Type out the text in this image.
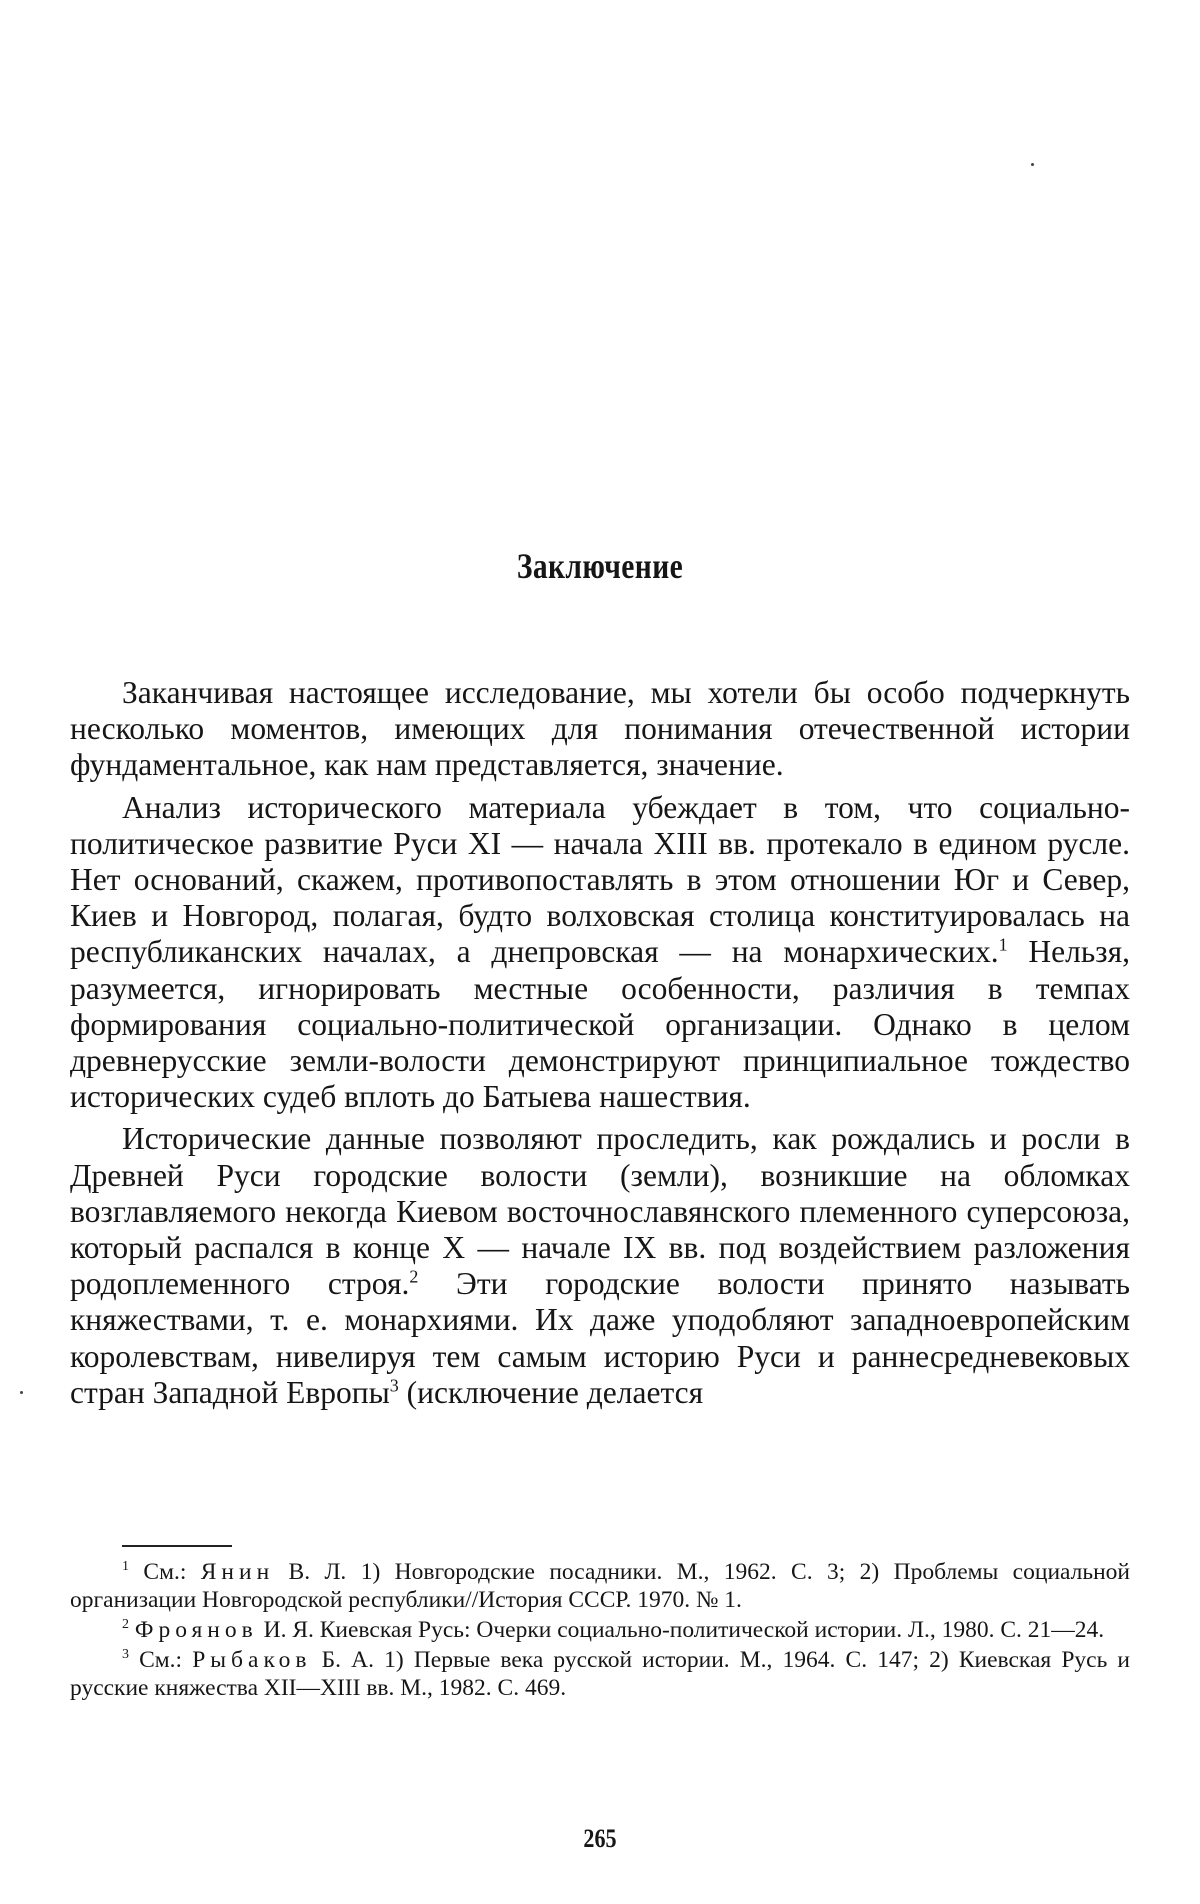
Заключение

Заканчивая настоящее исследование, мы хотели бы особо подчеркнуть несколько моментов, имеющих для понимания отечественной истории фундаментальное, как нам представляется, значение.

Анализ исторического материала убеждает в том, что социально-политическое развитие Руси XI — начала XIII вв. протекало в едином русле. Нет оснований, скажем, противопоставлять в этом отношении Юг и Север, Киев и Новгород, полагая, будто волховская столица конституировалась на республиканских началах, а днепровская — на монархических.$^1$ Нельзя, разумеется, игнорировать местные особенности, различия в темпах формирования социально-политической организации. Однако в целом древнерусские земли-волости демонстрируют принципиальное тождество исторических судеб вплоть до Батыева нашествия.

Исторические данные позволяют проследить, как рождались и росли в Древней Руси городские волости (земли), возникшие на обломках возглавляемого некогда Киевом восточнославянского племенного суперсоюза, который распался в конце X — начале IX вв. под воздействием разложения родоплеменного строя.$^2$ Эти городские волости принято называть княжествами, т. е. монархиями. Их даже уподобляют западноевропейским королевствам, нивелируя тем самым историю Руси и раннесредневековых стран Западной Европы$^3$ (исключение делается

$^1$ См.: Янин В. Л. 1) Новгородские посадники. М., 1962. С. 3; 2) Проблемы социальной организации Новгородской республики//История СССР. 1970. № 1.

$^2$ Фроянов И. Я. Киевская Русь: Очерки социально-политической истории. Л., 1980. С. 21—24.

$^3$ См.: Рыбаков Б. А. 1) Первые века русской истории. М., 1964. С. 147; 2) Киевская Русь и русские княжества XII—XIII вв. М., 1982. С. 469.

265
